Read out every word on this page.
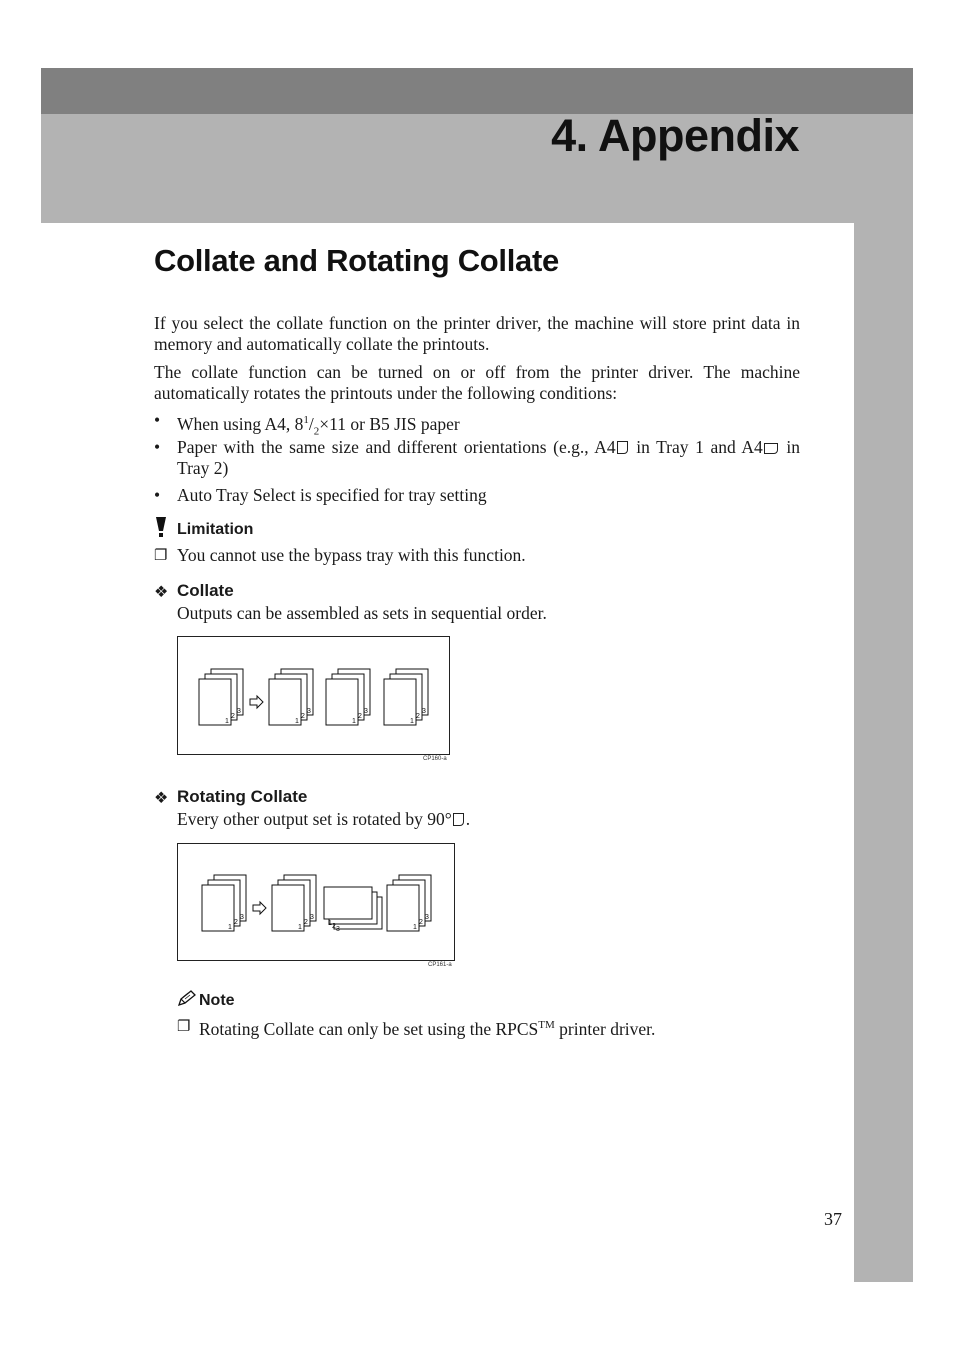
4. Appendix
Collate and Rotating Collate

If you select the collate function on the printer driver, the machine will store print data in memory and automatically collate the printouts.

The collate function can be turned on or off from the printer driver. The machine automatically rotates the printouts under the following conditions:

• When using A4, $8^1/_2\times 11$ or B5 JIS paper
• Paper with the same size and different orientations (e.g., A4 in Tray 1 and A4 in Tray 2)
• Auto Tray Select is specified for tray setting
Limitation
❐ You cannot use the bypass tray with this function.
❖ Collate
Outputs can be assembled as sets in sequential order.
1
2
3
1
2
3
1
2
3
1
2
3
CP160-a
❖ Rotating Collate
Every other output set is rotated by 90° .
1
2
3
1
2
3
1 2 3	1
2
3
CP161-a
Note
❐ Rotating Collate can only be set using the RPCS™ printer driver.
37
